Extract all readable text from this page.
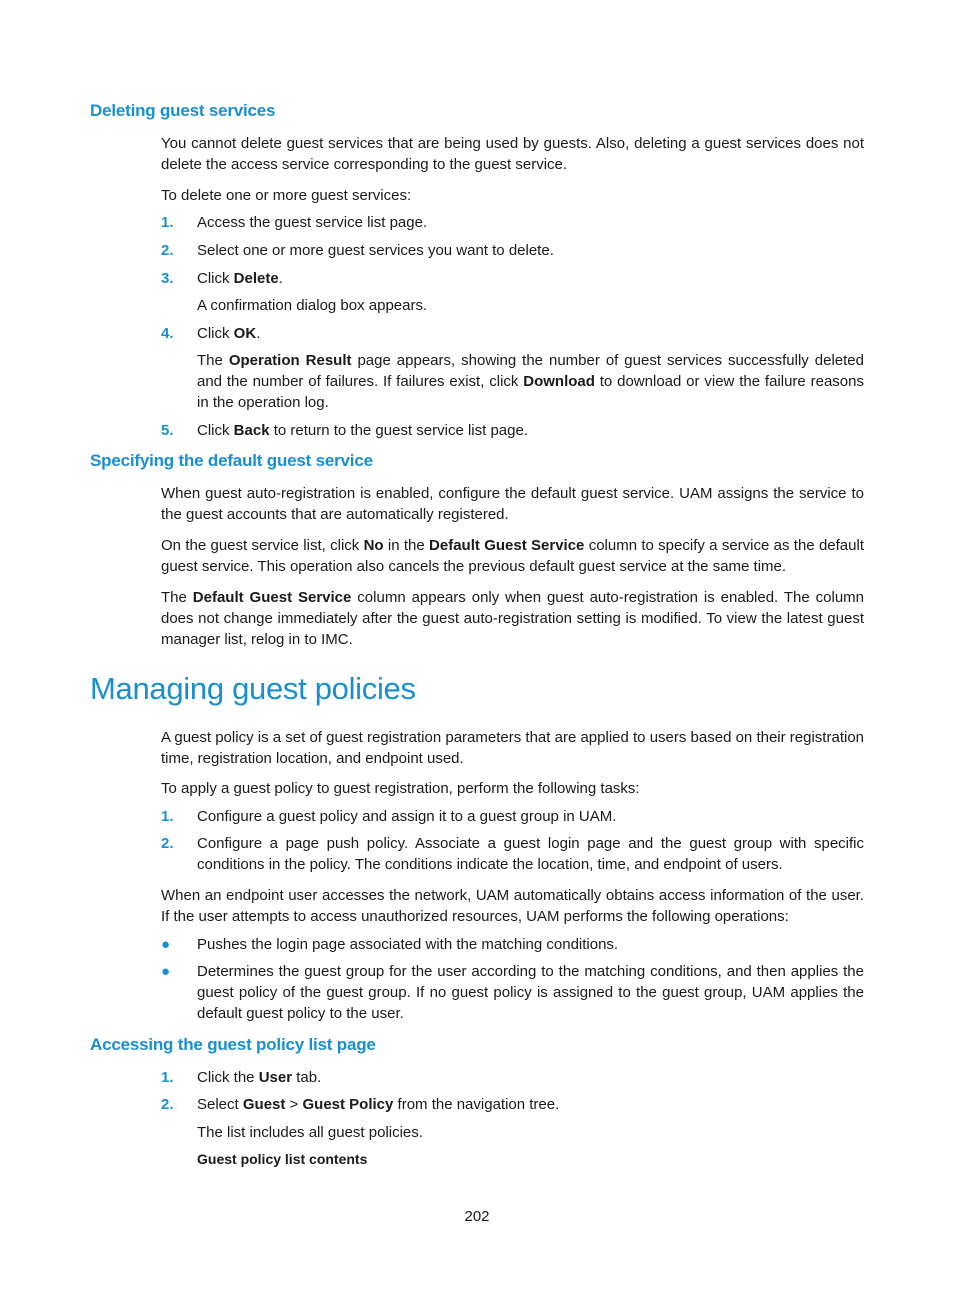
Deleting guest services

You cannot delete guest services that are being used by guests. Also, deleting a guest services does not delete the access service corresponding to the guest service.

To delete one or more guest services:

1. Access the guest service list page.
2. Select one or more guest services you want to delete.
3. Click Delete.

A confirmation dialog box appears.

4. Click OK.

The Operation Result page appears, showing the number of guest services successfully deleted and the number of failures. If failures exist, click Download to download or view the failure reasons in the operation log.

5. Click Back to return to the guest service list page.
Specifying the default guest service

When guest auto-registration is enabled, configure the default guest service. UAM assigns the service to the guest accounts that are automatically registered.

On the guest service list, click No in the Default Guest Service column to specify a service as the default guest service. This operation also cancels the previous default guest service at the same time.

The Default Guest Service column appears only when guest auto-registration is enabled. The column does not change immediately after the guest auto-registration setting is modified. To view the latest guest manager list, relog in to IMC.

Managing guest policies

A guest policy is a set of guest registration parameters that are applied to users based on their registration time, registration location, and endpoint used.

To apply a guest policy to guest registration, perform the following tasks:

1. Configure a guest policy and assign it to a guest group in UAM.
2. Configure a page push policy. Associate a guest login page and the guest group with specific conditions in the policy. The conditions indicate the location, time, and endpoint of users.

When an endpoint user accesses the network, UAM automatically obtains access information of the user. If the user attempts to access unauthorized resources, UAM performs the following operations:

● Pushes the login page associated with the matching conditions.
● Determines the guest group for the user according to the matching conditions, and then applies the guest policy of the guest group. If no guest policy is assigned to the guest group, UAM applies the default guest policy to the user.
Accessing the guest policy list page
1. Click the User tab.
2. Select Guest > Guest Policy from the navigation tree.

The list includes all guest policies.

Guest policy list contents

202
